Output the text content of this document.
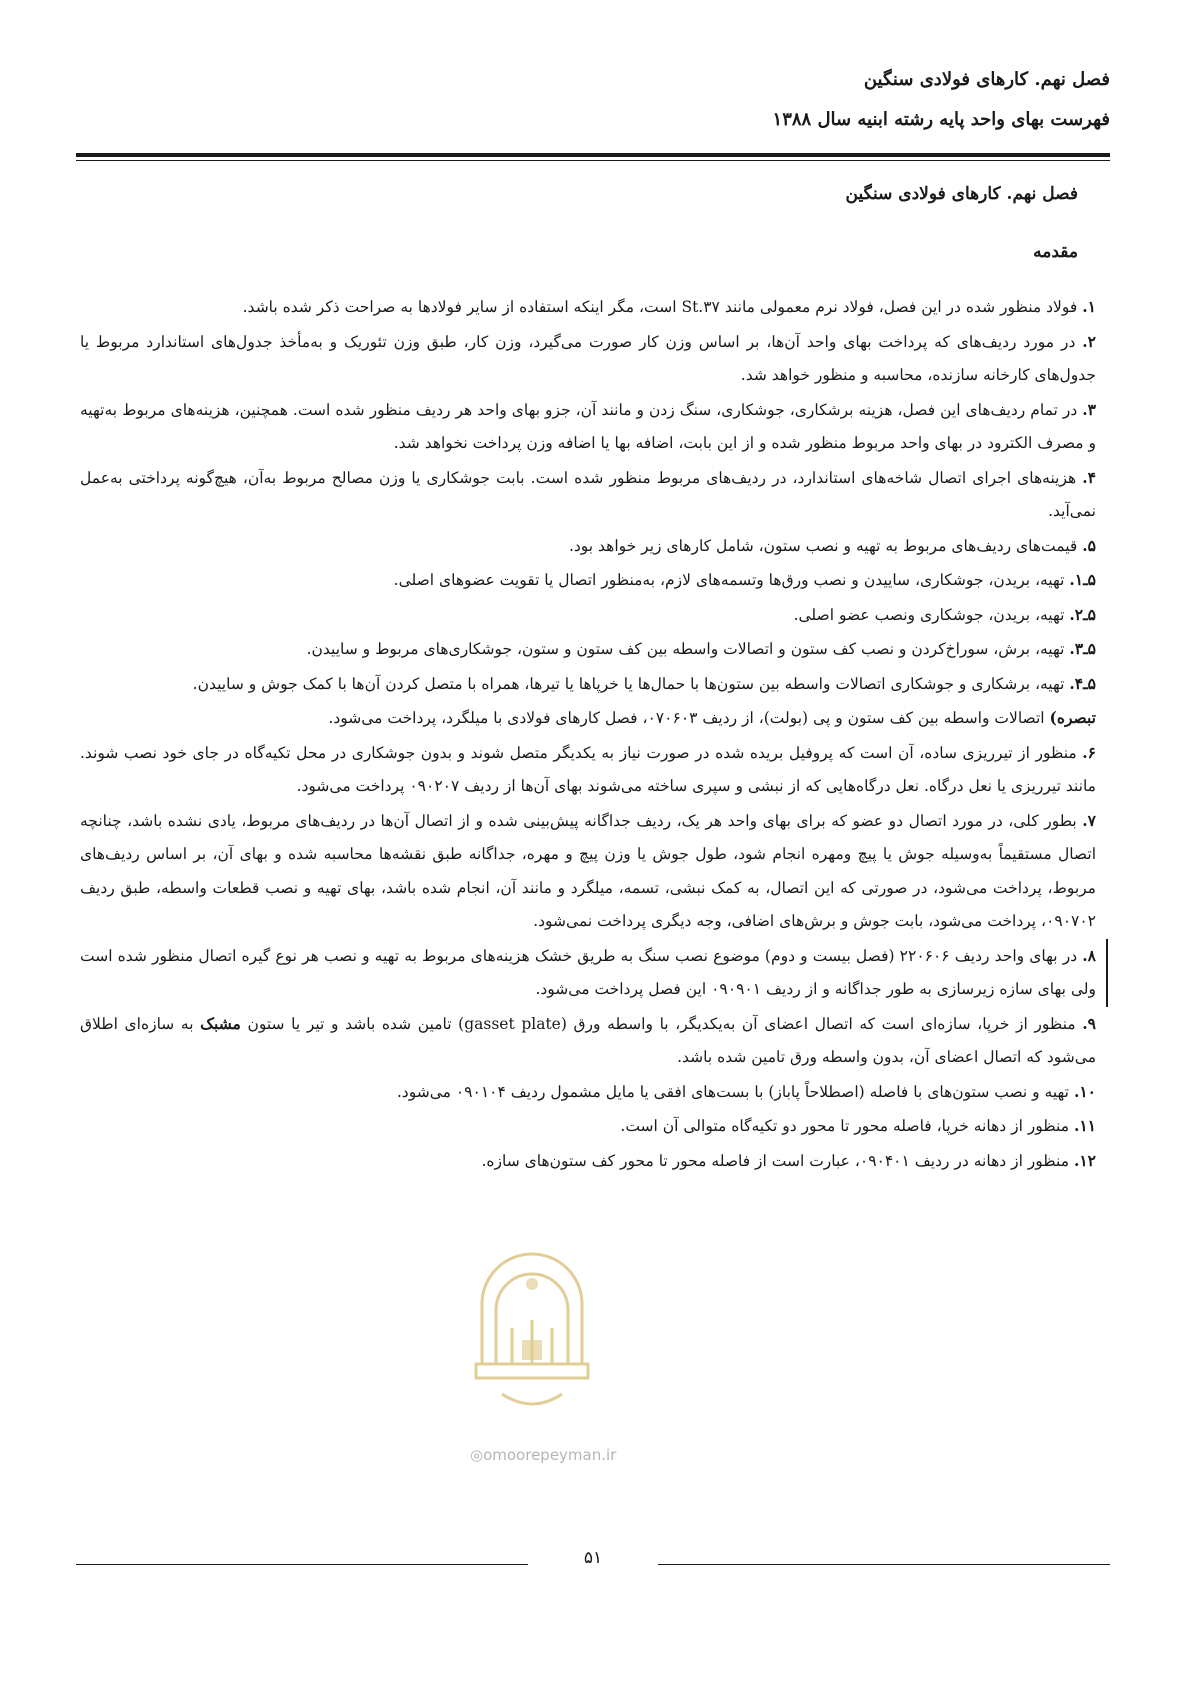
فصل نهم. کارهای فولادی سنگین
فهرست بهای واحد پایه رشته ابنیه سال ۱۳۸۸
فصل نهم. کارهای فولادی سنگین
مقدمه

۱. فولاد منظور شده در این فصل، فولاد نرم معمولی مانند St.۳۷ است، مگر اینکه استفاده از سایر فولادها به صراحت ذکر شده باشد.

۲. در مورد ردیف‌های که پرداخت بهای واحد آن‌ها، بر اساس وزن کار صورت می‌گیرد، وزن کار، طبق وزن تئوریک و به‌مأخذ جدول‌های استاندارد مربوط یا جدول‌های کارخانه سازنده، محاسبه و منظور خواهد شد.

۳. در تمام ردیف‌های این فصل، هزینه برشکاری، جوشکاری، سنگ زدن و مانند آن، جزو بهای واحد هر ردیف منظور شده است. همچنین، هزینه‌های مربوط به‌تهیه و مصرف الکترود در بهای واحد مربوط منظور شده و از این بابت، اضافه بها یا اضافه وزن پرداخت نخواهد شد.

۴. هزینه‌های اجرای اتصال شاخه‌های استاندارد، در ردیف‌های مربوط منظور شده است. بابت جوشکاری یا وزن مصالح مربوط به‌آن، هیچ‌گونه پرداختی به‌عمل نمی‌آید.

۵. قیمت‌های ردیف‌های مربوط به تهیه و نصب ستون، شامل کارهای زیر خواهد بود.

۵ـ۱. تهیه، بریدن، جوشکاری، ساییدن و نصب ورق‌ها وتسمه‌های لازم، به‌منظور اتصال یا تقویت عضوهای اصلی.

۵ـ۲. تهیه، بریدن، جوشکاری ونصب عضو اصلی.

۵ـ۳. تهیه، برش، سوراخ‌کردن و نصب کف ستون و اتصالات واسطه بین کف ستون و ستون، جوشکاری‌های مربوط و ساییدن.

۵ـ۴. تهیه، برشکاری و جوشکاری اتصالات واسطه بین ستون‌ها با حمال‌ها یا خرپاها یا تیرها، همراه با متصل کردن آن‌ها با کمک جوش و ساییدن.

تبصره) اتصالات واسطه بین کف ستون و پی (بولت)، از ردیف ۰۷۰۶۰۳، فصل کارهای فولادی با میلگرد، پرداخت می‌شود.

۶. منظور از تیرریزی ساده، آن است که پروفیل بریده شده در صورت نیاز به یکدیگر متصل شوند و بدون جوشکاری در محل تکیه‌گاه در جای خود نصب شوند. مانند تیرریزی یا نعل درگاه. نعل درگاه‌هایی که از نبشی و سپری ساخته می‌شوند بهای آن‌ها از ردیف ۰۹۰۲۰۷ پرداخت می‌شود.

۷. بطور کلی، در مورد اتصال دو عضو که برای بهای واحد هر یک، ردیف جداگانه پیش‌بینی شده و از اتصال آن‌ها در ردیف‌های مربوط، یادی نشده باشد، چنانچه اتصال مستقیماً به‌وسیله جوش یا پیچ ومهره انجام شود، طول جوش یا وزن پیچ و مهره، جداگانه طبق نقشه‌ها محاسبه شده و بهای آن، بر اساس ردیف‌های مربوط، پرداخت می‌شود، در صورتی که این اتصال، به کمک نبشی، تسمه، میلگرد و مانند آن، انجام شده باشد، بهای تهیه و نصب قطعات واسطه، طبق ردیف ۰۹۰۷۰۲، پرداخت می‌شود، بابت جوش و برش‌های اضافی، وجه دیگری پرداخت نمی‌شود.

۸. در بهای واحد ردیف ۲۲۰۶۰۶ (فصل بیست و دوم) موضوع نصب سنگ به طریق خشک هزینه‌های مربوط به تهیه و نصب هر نوع گیره اتصال منظور شده است ولی بهای سازه زیرسازی به طور جداگانه و از ردیف ۰۹۰۹۰۱ این فصل پرداخت می‌شود.

۹. منظور از خرپا، سازه‌ای است که اتصال اعضای آن به‌یکدیگر، با واسطه ورق (gasset plate) تامین شده باشد و تیر یا ستون مشبک به سازه‌ای اطلاق می‌شود که اتصال اعضای آن، بدون واسطه ورق تامین شده باشد.

۱۰. تهیه و نصب ستون‌های با فاصله (اصطلاحاً پاباز) با بست‌های افقی یا مایل مشمول ردیف ۰۹۰۱۰۴ می‌شود.

۱۱. منظور از دهانه خرپا، فاصله محور تا محور دو تکیه‌گاه متوالی آن است.

۱۲. منظور از دهانه در ردیف ۰۹۰۴۰۱، عبارت است از فاصله محور تا محور کف ستون‌های سازه.

◎omoorepeyman.ir
۵۱
